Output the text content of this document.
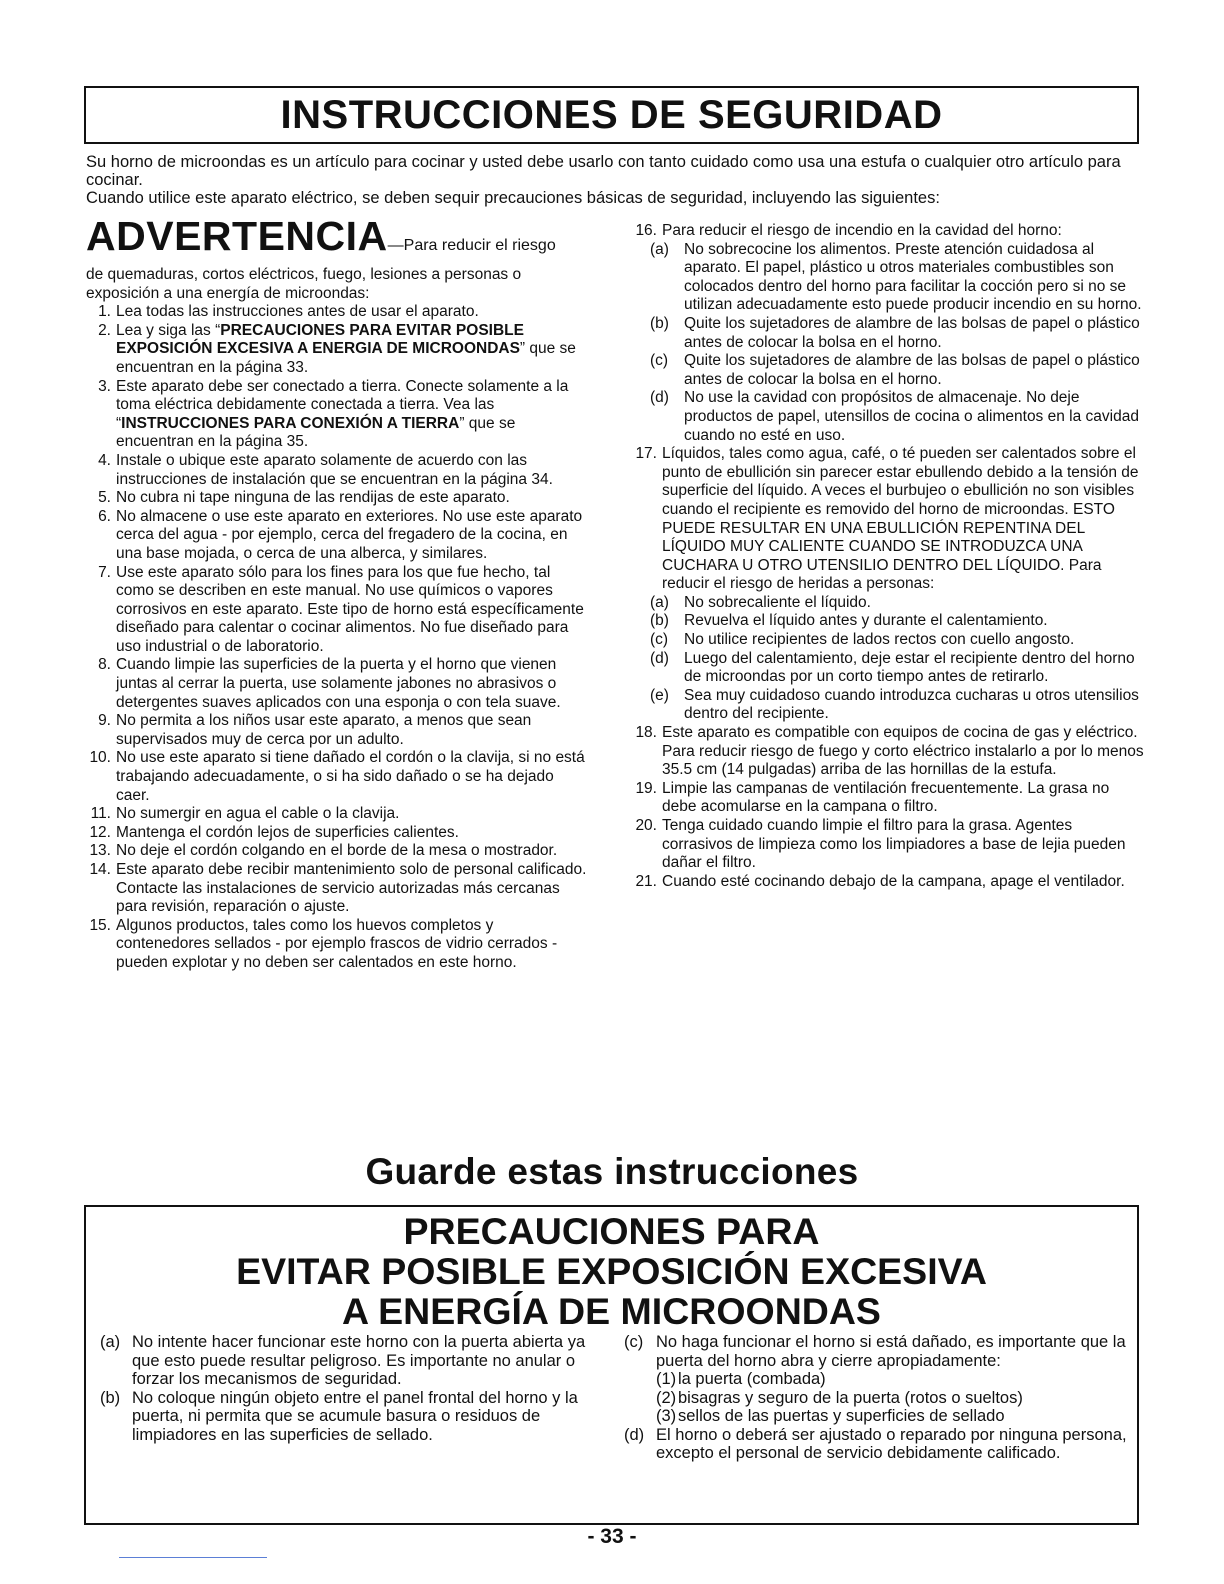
INSTRUCCIONES DE SEGURIDAD

Su horno de microondas es un artículo para cocinar y usted debe usarlo con tanto cuidado como usa una estufa o cualquier otro artículo para cocinar.

Cuando utilice este aparato eléctrico, se deben sequir precauciones básicas de seguridad, incluyendo las siguientes:

ADVERTENCIA—Para reducir el riesgo

de quemaduras, cortos eléctricos, fuego, lesiones a personas o exposición a una energía de microondas:

1. Lea todas las instrucciones antes de usar el aparato.
2. Lea y siga las “PRECAUCIONES PARA EVITAR POSIBLE EXPOSICIÓN EXCESIVA A ENERGIA DE MICROONDAS” que se encuentran en la página 33.
3. Este aparato debe ser conectado a tierra. Conecte solamente a la toma eléctrica debidamente conectada a tierra. Vea las “INSTRUCCIONES PARA CONEXIÓN A TIERRA” que se encuentran en la página 35.
4. Instale o ubique este aparato solamente de acuerdo con las instrucciones de instalación que se encuentran en la página 34.
5. No cubra ni tape ninguna de las rendijas de este aparato.
6. No almacene o use este aparato en exteriores. No use este aparato cerca del agua - por ejemplo, cerca del fregadero de la cocina, en una base mojada, o cerca de una alberca, y similares.
7. Use este aparato sólo para los fines para los que fue hecho, tal como se describen en este manual. No use químicos o vapores corrosivos en este aparato. Este tipo de horno está específicamente diseñado para calentar o cocinar alimentos. No fue diseñado para uso industrial o de laboratorio.
8. Cuando limpie las superficies de la puerta y el horno que vienen juntas al cerrar la puerta, use solamente jabones no abrasivos o detergentes suaves aplicados con una esponja o con tela suave.
9. No permita a los niños usar este aparato, a menos que sean supervisados muy de cerca por un adulto.
10. No use este aparato si tiene dañado el cordón o la clavija, si no está trabajando adecuadamente, o si ha sido dañado o se ha dejado caer.
11. No sumergir en agua el cable o la clavija.
12. Mantenga el cordón lejos de superficies calientes.
13. No deje el cordón colgando en el borde de la mesa o mostrador.
14. Este aparato debe recibir mantenimiento solo de personal calificado. Contacte las instalaciones de servicio autorizadas más cercanas para revisión, reparación o ajuste.
15. Algunos productos, tales como los huevos completos y contenedores sellados - por ejemplo frascos de vidrio cerrados - pueden explotar y no deben ser calentados en este horno.
16. Para reducir el riesgo de incendio en la cavidad del horno:
(a) No sobrecocine los alimentos. Preste atención cuidadosa al aparato. El papel, plástico u otros materiales combustibles son colocados dentro del horno para facilitar la cocción pero si no se utilizan adecuadamente esto puede producir incendio en su horno.
(b) Quite los sujetadores de alambre de las bolsas de papel o plástico antes de colocar la bolsa en el horno.
(c) Quite los sujetadores de alambre de las bolsas de papel o plástico antes de colocar la bolsa en el horno.
(d) No use la cavidad con propósitos de almacenaje. No deje productos de papel, utensillos de cocina o alimentos en la cavidad cuando no esté en uso.
17. Líquidos, tales como agua, café, o té pueden ser calentados sobre el punto de ebullición sin parecer estar ebullendo debido a la tensión de superficie del líquido. A veces el burbujeo o ebullición no son visibles cuando el recipiente es removido del horno de microondas. ESTO PUEDE RESULTAR EN UNA EBULLICIÓN REPENTINA DEL LÍQUIDO MUY CALIENTE CUANDO SE INTRODUZCA UNA CUCHARA U OTRO UTENSILIO DENTRO DEL LÍQUIDO. Para reducir el riesgo de heridas a personas:
(a) No sobrecaliente el líquido.
(b) Revuelva el líquido antes y durante el calentamiento.
(c) No utilice recipientes de lados rectos con cuello angosto.
(d) Luego del calentamiento, deje estar el recipiente dentro del horno de microondas por un corto tiempo antes de retirarlo.
(e) Sea muy cuidadoso cuando introduzca cucharas u otros utensilios dentro del recipiente.
18. Este aparato es compatible con equipos de cocina de gas y eléctrico. Para reducir riesgo de fuego y corto eléctrico instalarlo a por lo menos 35.5 cm (14 pulgadas) arriba de las hornillas de la estufa.
19. Limpie las campanas de ventilación frecuentemente. La grasa no debe acomularse en la campana o filtro.
20. Tenga cuidado cuando limpie el filtro para la grasa. Agentes corrasivos de limpieza como los limpiadores a base de lejia pueden dañar el filtro.
21. Cuando esté cocinando debajo de la campana, apage el ventilador.
Guarde estas instrucciones
PRECAUCIONES PARA
EVITAR POSIBLE EXPOSICIÓN EXCESIVA
A ENERGÍA DE MICROONDAS
(a) No intente hacer funcionar este horno con la puerta abierta ya que esto puede resultar peligroso. Es importante no anular o forzar los mecanismos de seguridad.
(b) No coloque ningún objeto entre el panel frontal del horno y la puerta, ni permita que se acumule basura o residuos de limpiadores en las superficies de sellado.
(c) No haga funcionar el horno si está dañado, es importante que la puerta del horno abra y cierre apropiadamente:
(1) la puerta (combada)
(2) bisagras y seguro de la puerta (rotos o sueltos)
(3) sellos de las puertas y superficies de sellado
(d) El horno o deberá ser ajustado o reparado por ninguna persona, excepto el personal de servicio debidamente calificado.
- 33 -
